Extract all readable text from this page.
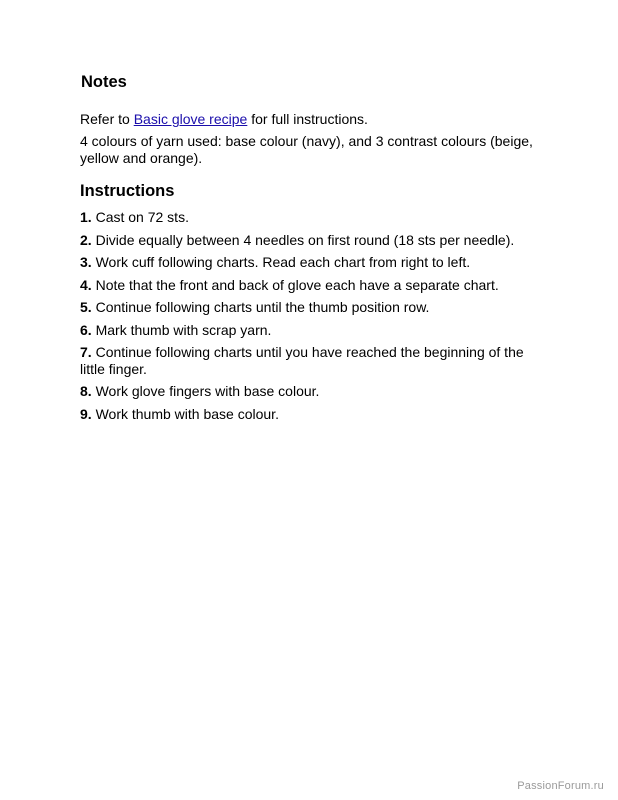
Notes

Refer to Basic glove recipe for full instructions.

4 colours of yarn used: base colour (navy), and 3 contrast colours (beige, yellow and orange).

Instructions
1. Cast on 72 sts.
2. Divide equally between 4 needles on first round (18 sts per needle).
3. Work cuff following charts. Read each chart from right to left.
4. Note that the front and back of glove each have a separate chart.
5. Continue following charts until the thumb position row.
6. Mark thumb with scrap yarn.
7. Continue following charts until you have reached the beginning of the little finger.
8. Work glove fingers with base colour.
9. Work thumb with base colour.
PassionForum.ru
